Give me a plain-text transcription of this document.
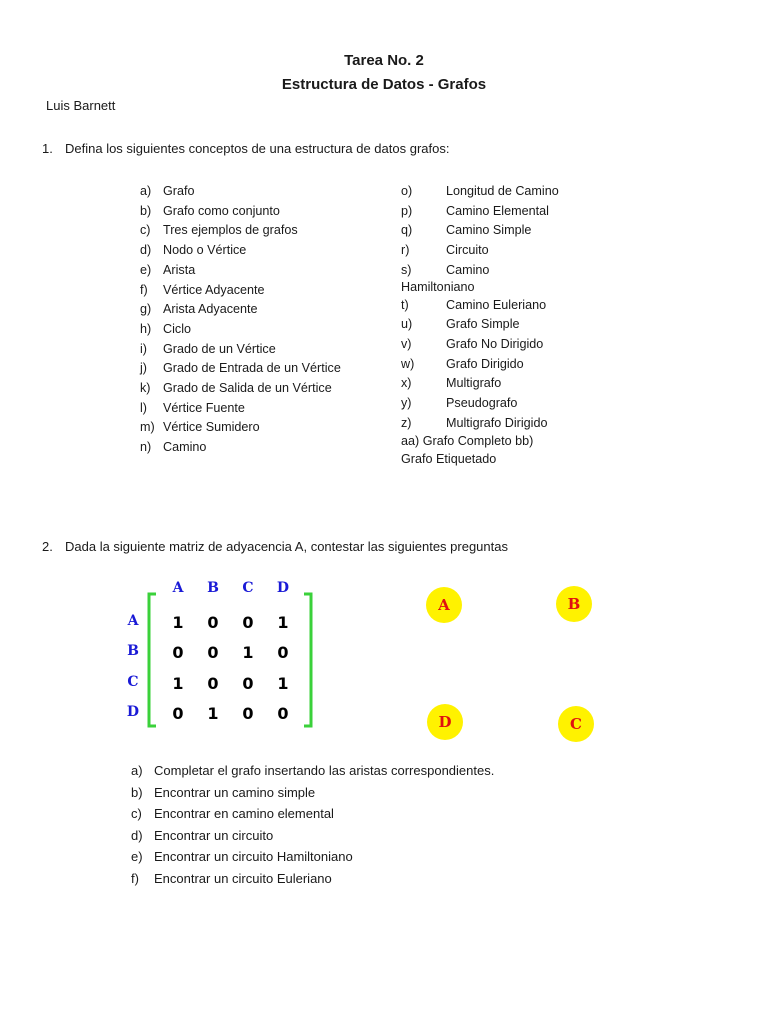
Tarea No. 2
Estructura de Datos - Grafos
Luis Barnett
1. Defina los siguientes conceptos de una estructura de datos grafos:
a) Grafo
b) Grafo como conjunto
c) Tres ejemplos de grafos
d) Nodo o Vértice
e) Arista
f) Vértice Adyacente
g) Arista Adyacente
h) Ciclo
i) Grado de un Vértice
j) Grado de Entrada de un Vértice
k) Grado de Salida de un Vértice
l) Vértice Fuente
m) Vértice Sumidero
n) Camino
o)	Longitud de Camino
p)	Camino Elemental
q)	Camino Simple
r)	Circuito
s)	Camino
Hamiltoniano
t)	Camino Euleriano
u)	Grafo Simple
v)	Grafo No Dirigido
w)	Grafo Dirigido
x)	Multigrafo
y)	Pseudografo
z)	Multigrafo Dirigido
aa) Grafo Completo bb)
Grafo Etiquetado
2. Dada la siguiente matriz de adyacencia A, contestar las siguientes preguntas
A	B	C	D
A
B
C
D
1	0	0	1
0	0	1	0
1	0	0	1
0	1	0	0
A	B
D	C
a) Completar el grafo insertando las aristas correspondientes.
b) Encontrar un camino simple
c) Encontrar en camino elemental
d) Encontrar un circuito
e) Encontrar un circuito Hamiltoniano
f) Encontrar un circuito Euleriano
